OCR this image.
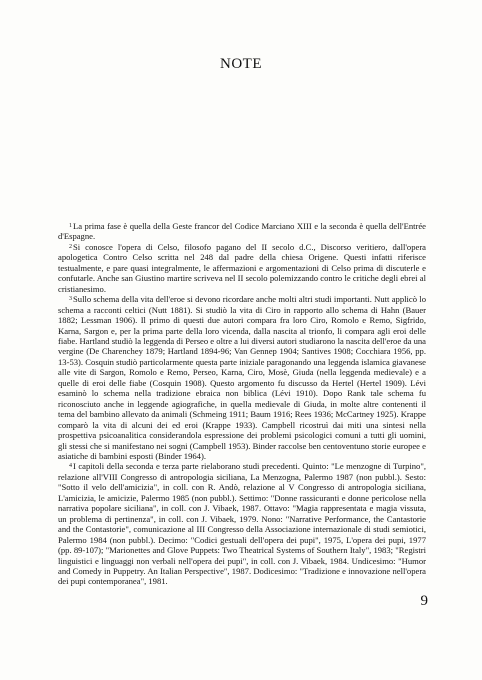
NOTE

$^1$La prima fase è quella della Geste francor del Codice Marciano XIII e la seconda è quella dell'Entrée d'Espagne.

$^2$Si conosce l'opera di Celso, filosofo pagano del II secolo d.C., Discorso veritiero, dall'opera apologetica Contro Celso scritta nel 248 dal padre della chiesa Origene. Questi infatti riferisce testualmente, e pare quasi integralmente, le affermazioni e argomentazioni di Celso prima di discuterle e confutarle. Anche san Giustino martire scriveva nel II secolo polemizzando contro le critiche degli ebrei al cristianesimo.

$^3$Sullo schema della vita dell'eroe si devono ricordare anche molti altri studi importanti. Nutt applicò lo schema a racconti celtici (Nutt 1881). Si studiò la vita di Ciro in rapporto allo schema di Hahn (Bauer 1882; Lessman 1906). Il primo di questi due autori compara fra loro Ciro, Romolo e Remo, Sigfrido, Karna, Sargon e, per la prima parte della loro vicenda, dalla nascita al trionfo, li compara agli eroi delle fiabe. Hartland studiò la leggenda di Perseo e oltre a lui diversi autori studiarono la nascita dell'eroe da una vergine (De Charenchey 1879; Hartland 1894-96; Van Gennep 1904; Santives 1908; Cocchiara 1956, pp. 13-53). Cosquin studiò particolarmente questa parte iniziale paragonando una leggenda islamica giavanese alle vite di Sargon, Romolo e Remo, Perseo, Karna, Ciro, Mosè, Giuda (nella leggenda medievale) e a quelle di eroi delle fiabe (Cosquin 1908). Questo argomento fu discusso da Hertel (Hertel 1909). Lévi esaminò lo schema nella tradizione ebraica non biblica (Lévi 1910). Dopo Rank tale schema fu riconosciuto anche in leggende agiografiche, in quella medievale di Giuda, in molte altre contenenti il tema del bambino allevato da animali (Schmeing 1911; Baum 1916; Rees 1936; McCartney 1925). Krappe comparò la vita di alcuni dei ed eroi (Krappe 1933). Campbell ricostruì dai miti una sintesi nella prospettiva psicoanalitica considerandola espressione dei problemi psicologici comuni a tutti gli uomini, gli stessi che si manifestano nei sogni (Campbell 1953). Binder raccolse ben centoventuno storie europee e asiatiche di bambini esposti (Binder 1964).

$^4$I capitoli della seconda e terza parte rielaborano studi precedenti. Quinto: "Le menzogne di Turpino", relazione all'VIII Congresso di antropologia siciliana, La Menzogna, Palermo 1987 (non pubbl.). Sesto: "Sotto il velo dell'amicizia", in coll. con R. Andò, relazione al V Congresso di antropologia siciliana, L'amicizia, le amicizie, Palermo 1985 (non pubbl.). Settimo: "Donne rassicuranti e donne pericolose nella narrativa popolare siciliana", in coll. con J. Vibaek, 1987. Ottavo: "Magia rappresentata e magia vissuta, un problema di pertinenza", in coll. con J. Vibaek, 1979. Nono: "Narrative Performance, the Cantastorie and the Contastorie", comunicazione al III Congresso della Associazione internazionale di studi semiotici, Palermo 1984 (non pubbl.). Decimo: "Codici gestuali dell'opera dei pupi", 1975, L'opera dei pupi, 1977 (pp. 89-107); "Marionettes and Glove Puppets: Two Theatrical Systems of Southern Italy", 1983; "Registri linguistici e linguaggi non verbali nell'opera dei pupi", in coll. con J. Vibaek, 1984. Undicesimo: "Humor and Comedy in Puppetry. An Italian Perspective", 1987. Dodicesimo: "Tradizione e innovazione nell'opera dei pupi contemporanea", 1981.

9
